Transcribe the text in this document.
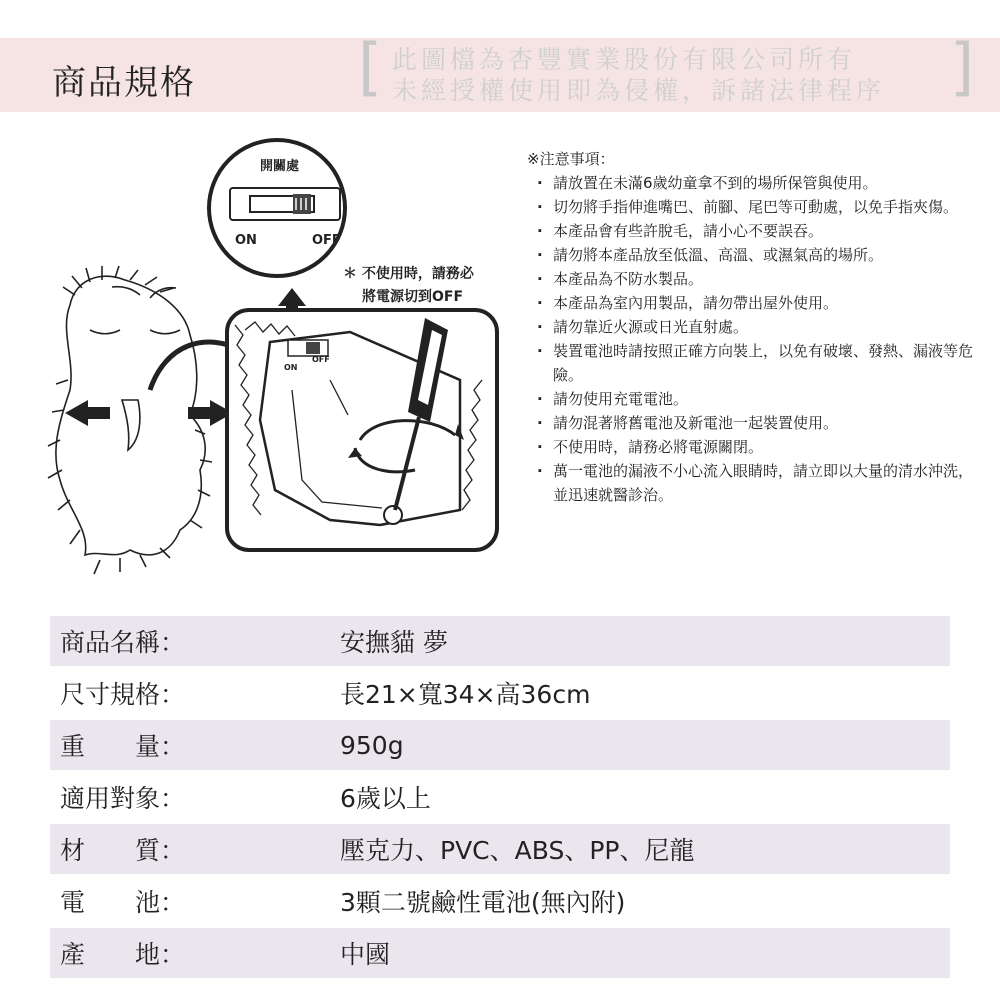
商品規格	[ 此圖檔為杏豐實業股份有限公司所有
未經授權使用即為侵權，訴諸法律程序 ]
開關處
ON	OFF
＊ 不使用時，請務必
將電源切到OFF
ON
OFF
※注意事項：
· 請放置在未滿6歲幼童拿不到的場所保管與使用。
· 切勿將手指伸進嘴巴、前腳、尾巴等可動處，以免手指夾傷。
· 本產品會有些許脫毛，請小心不要誤吞。
· 請勿將本產品放至低溫、高溫、或濕氣高的場所。
· 本產品為不防水製品。
· 本產品為室內用製品，請勿帶出屋外使用。
· 請勿靠近火源或日光直射處。
· 裝置電池時請按照正確方向裝上，以免有破壞、發熱、漏液等危險。
· 請勿使用充電電池。
· 請勿混著將舊電池及新電池一起裝置使用。
· 不使用時，請務必將電源關閉。
· 萬一電池的漏液不小心流入眼睛時，請立即以大量的清水沖洗，並迅速就醫診治。
商品名稱：	安撫貓 夢
尺寸規格：	長21×寬34×高36cm
重　　量：	950g
適用對象：	6歲以上
材　　質：	壓克力、PVC、ABS、PP、尼龍
電　　池：	3顆二號鹼性電池(無內附)
產　　地：	中國
